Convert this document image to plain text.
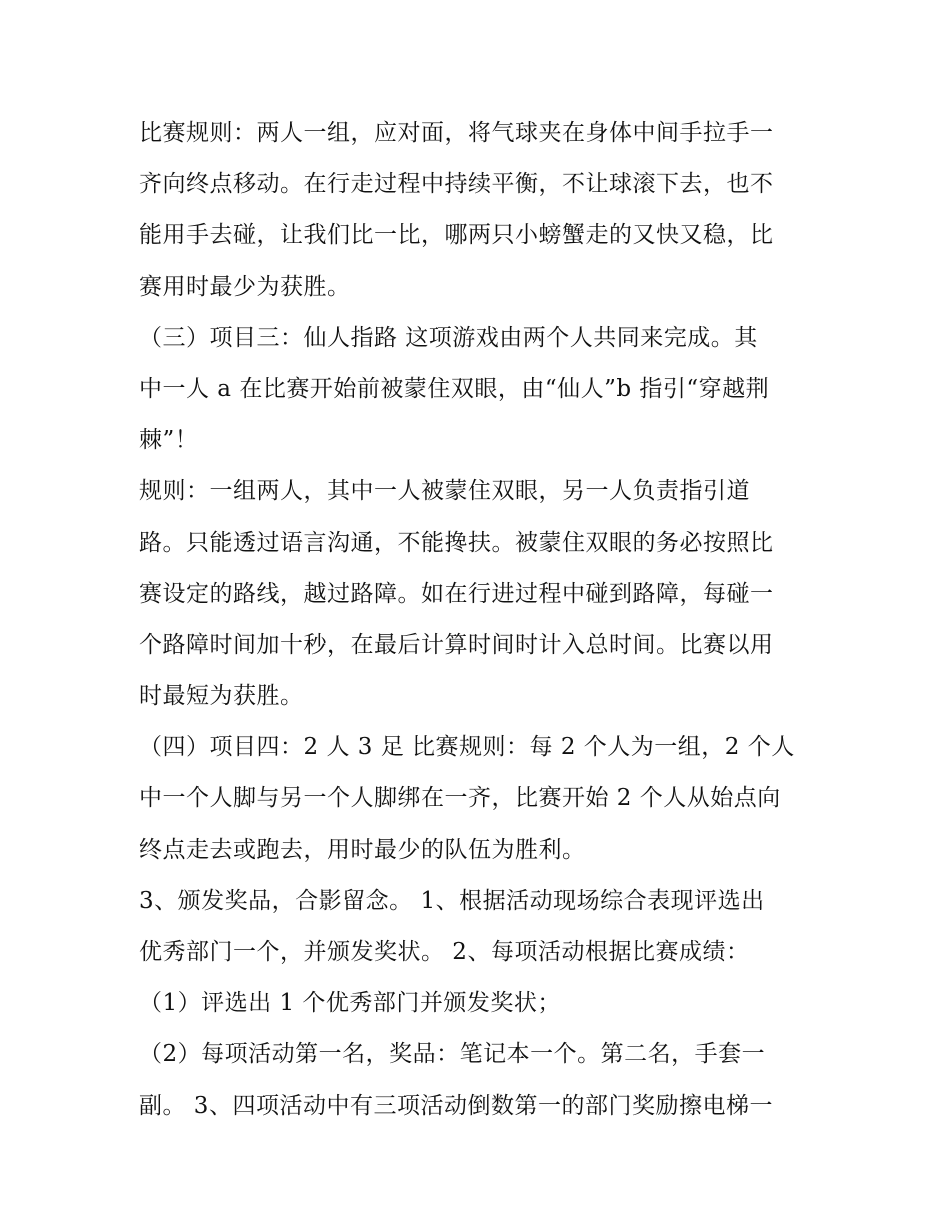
比赛规则：两人一组，应对面，将气球夹在身体中间手拉手一
齐向终点移动。在行走过程中持续平衡，不让球滚下去，也不
能用手去碰，让我们比一比，哪两只小螃蟹走的又快又稳，比
赛用时最少为获胜。
（三）项目三：仙人指路 这项游戏由两个人共同来完成。其
中一人 a 在比赛开始前被蒙住双眼，由“仙人”b 指引“穿越荆
棘”！
规则：一组两人，其中一人被蒙住双眼，另一人负责指引道
路。只能透过语言沟通，不能搀扶。被蒙住双眼的务必按照比
赛设定的路线，越过路障。如在行进过程中碰到路障，每碰一
个路障时间加十秒，在最后计算时间时计入总时间。比赛以用
时最短为获胜。
（四）项目四：2 人 3 足 比赛规则：每 2 个人为一组，2 个人
中一个人脚与另一个人脚绑在一齐，比赛开始 2 个人从始点向
终点走去或跑去，用时最少的队伍为胜利。
3、颁发奖品，合影留念。 1、根据活动现场综合表现评选出
优秀部门一个，并颁发奖状。 2、每项活动根据比赛成绩：
（1）评选出 1 个优秀部门并颁发奖状；
（2）每项活动第一名，奖品：笔记本一个。第二名，手套一
副。 3、四项活动中有三项活动倒数第一的部门奖励擦电梯一
